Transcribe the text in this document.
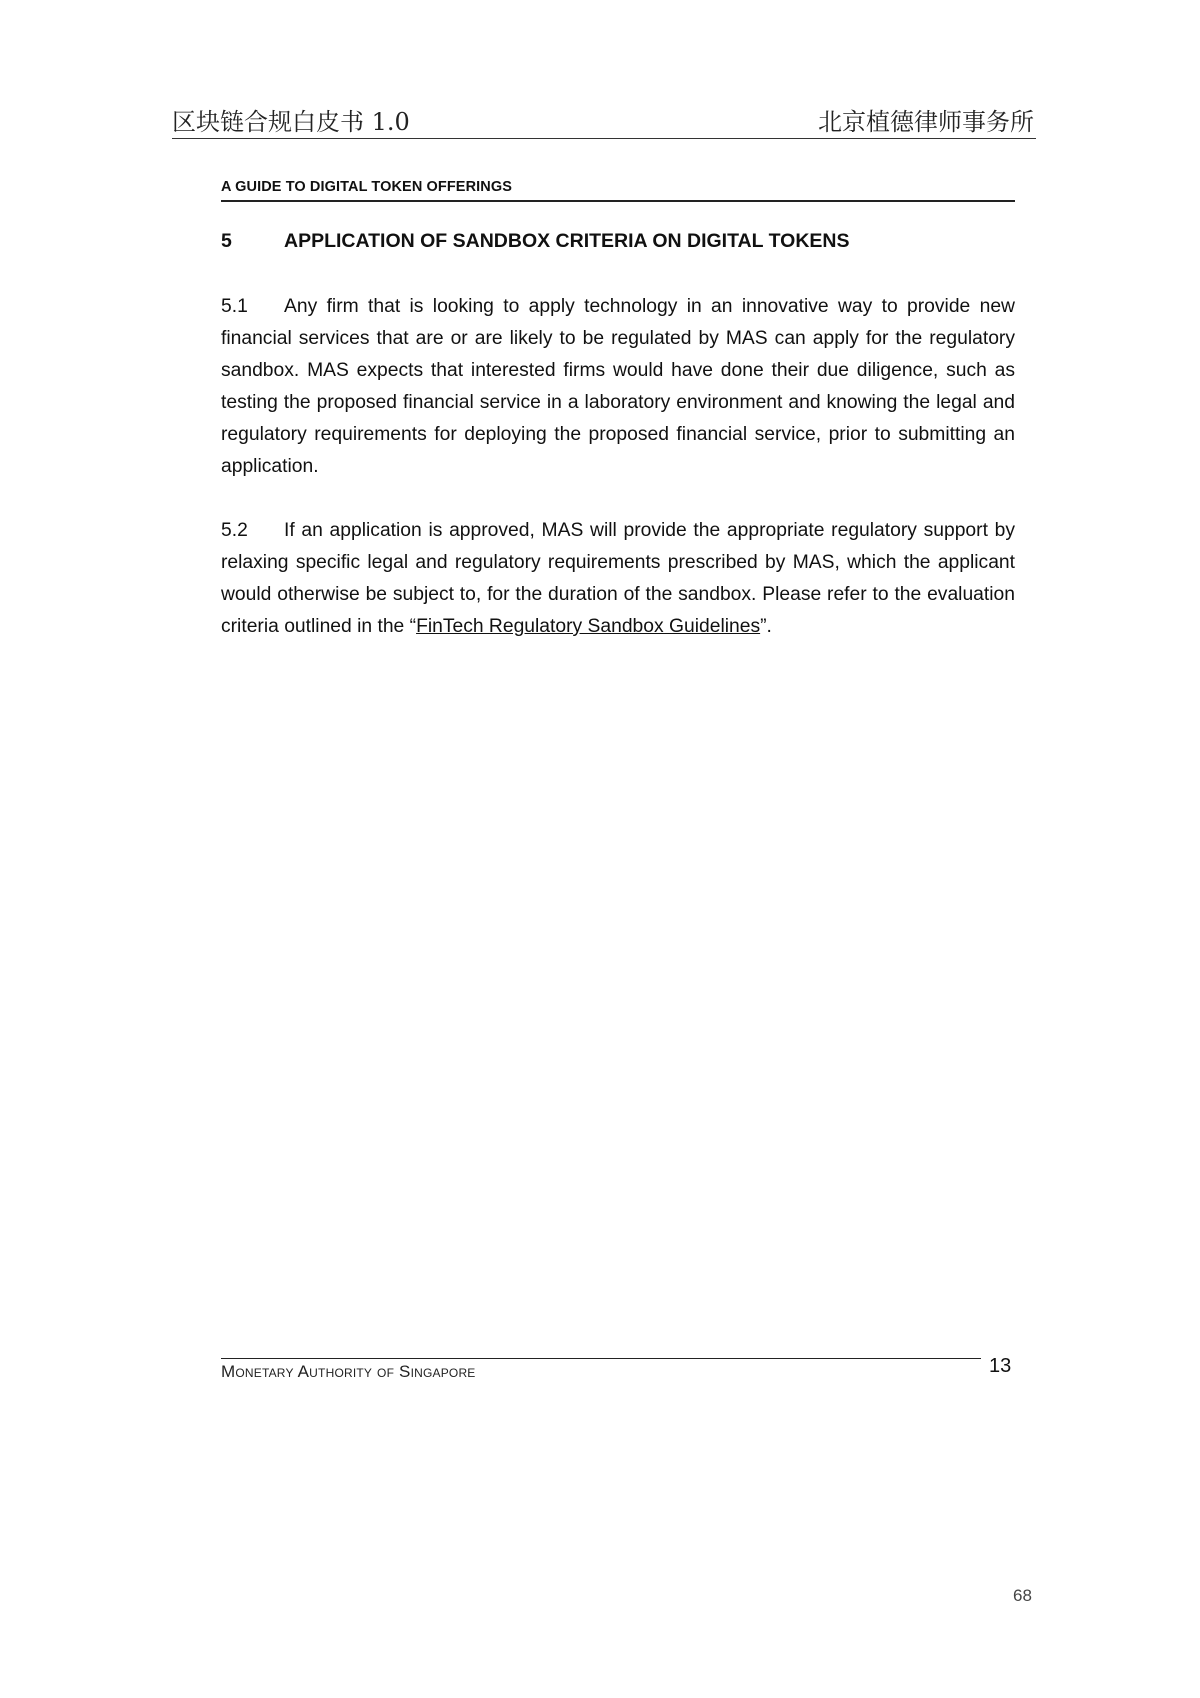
区块链合规白皮书 1.0	北京植德律师事务所
A GUIDE TO DIGITAL TOKEN OFFERINGS
5	APPLICATION OF SANDBOX CRITERIA ON DIGITAL TOKENS
5.1 Any firm that is looking to apply technology in an innovative way to provide new financial services that are or are likely to be regulated by MAS can apply for the regulatory sandbox. MAS expects that interested firms would have done their due diligence, such as testing the proposed financial service in a laboratory environment and knowing the legal and regulatory requirements for deploying the proposed financial service, prior to submitting an application.
5.2 If an application is approved, MAS will provide the appropriate regulatory support by relaxing specific legal and regulatory requirements prescribed by MAS, which the applicant would otherwise be subject to, for the duration of the sandbox. Please refer to the evaluation criteria outlined in the “FinTech Regulatory Sandbox Guidelines”.
Monetary Authority of Singapore	13
68
